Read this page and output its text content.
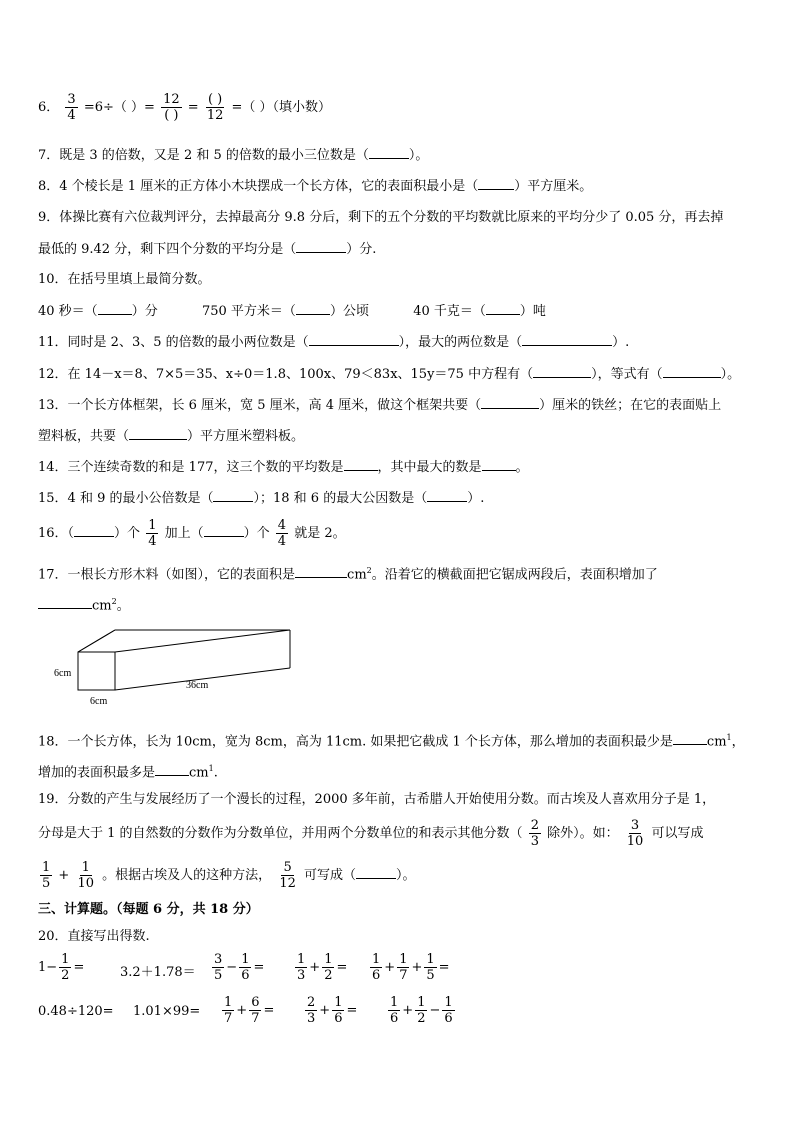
6． $\frac{3}{4} =6\div$（ ）= $\frac{12}{( )} = \frac{( )}{12}$ =（ ）（填小数）
7．既是 3 的倍数，又是 2 和 5 的倍数的最小三位数是（	）。
8．4 个棱长是 1 厘米的正方体小木块摆成一个长方体，它的表面积最小是（	）平方厘米。
9．体操比赛有六位裁判评分，去掉最高分 9.8 分后，剩下的五个分数的平均数就比原来的平均分少了 0.05 分，再去掉
最低的 9.42 分，剩下四个分数的平均分是（	）分.
10．在括号里填上最简分数。
40 秒＝（	）分	750 平方米＝（	）公顷	40 千克＝（	）吨
11．同时是 2、3、5 的倍数的最小两位数是（	），最大的两位数是（	）.
12．在 14－x＝8、7×5＝35、x÷0＝1.8、100x、79＜83x、15y＝75 中方程有（	），等式有（	）。
13．一个长方体框架，长 6 厘米，宽 5 厘米，高 4 厘米，做这个框架共要（	）厘米的铁丝；在它的表面贴上
塑料板，共要（	）平方厘米塑料板。
14．三个连续奇数的和是 177，这三个数的平均数是	，其中最大的数是	。
15．4 和 9 的最小公倍数是（	）；18 和 6 的最大公因数是（	）.
16．（	）个 $\frac{1}{4}$ 加上（	）个 $\frac{4}{4}$ 就是 2。
17．一根长方形木料（如图），它的表面积是	$cm^2$。沿着它的横截面把它锯成两段后，表面积增加了
$cm^2$。
6cm
6cm
36cm
18．一个长方体，长为 10cm，宽为 8cm，高为 11cm. 如果把它截成 1 个长方体，那么增加的表面积最少是	$cm^1$，
增加的表面积最多是	$cm^1$.
19．分数的产生与发展经历了一个漫长的过程，2000 多年前，古希腊人开始使用分数。而古埃及人喜欢用分子是 1，
分母是大于 1 的自然数的分数作为分数单位，并用两个分数单位的和表示其他分数（ $\frac{2}{3}$ 除外）。如： $\frac{3}{10}$ 可以写成
$\frac{1}{5} + \frac{1}{10}$ 。根据古埃及人的这种方法， $\frac{5}{12}$ 可写成（	）。
三、计算题。（每题 6 分，共 18 分）
20．直接写出得数.
$1- \frac{1}{2}$ =	$3.2+1.78= \frac{3}{5} - \frac{1}{6} = \frac{1}{3} + \frac{1}{2} = \frac{1}{6} + \frac{1}{7} + \frac{1}{5}$ =
$0.48\div 120= 1.01\times 99= \frac{1}{7} + \frac{6}{7} = \frac{2}{3} + \frac{1}{6} = \frac{1}{6} + \frac{1}{2} - \frac{1}{6}$
